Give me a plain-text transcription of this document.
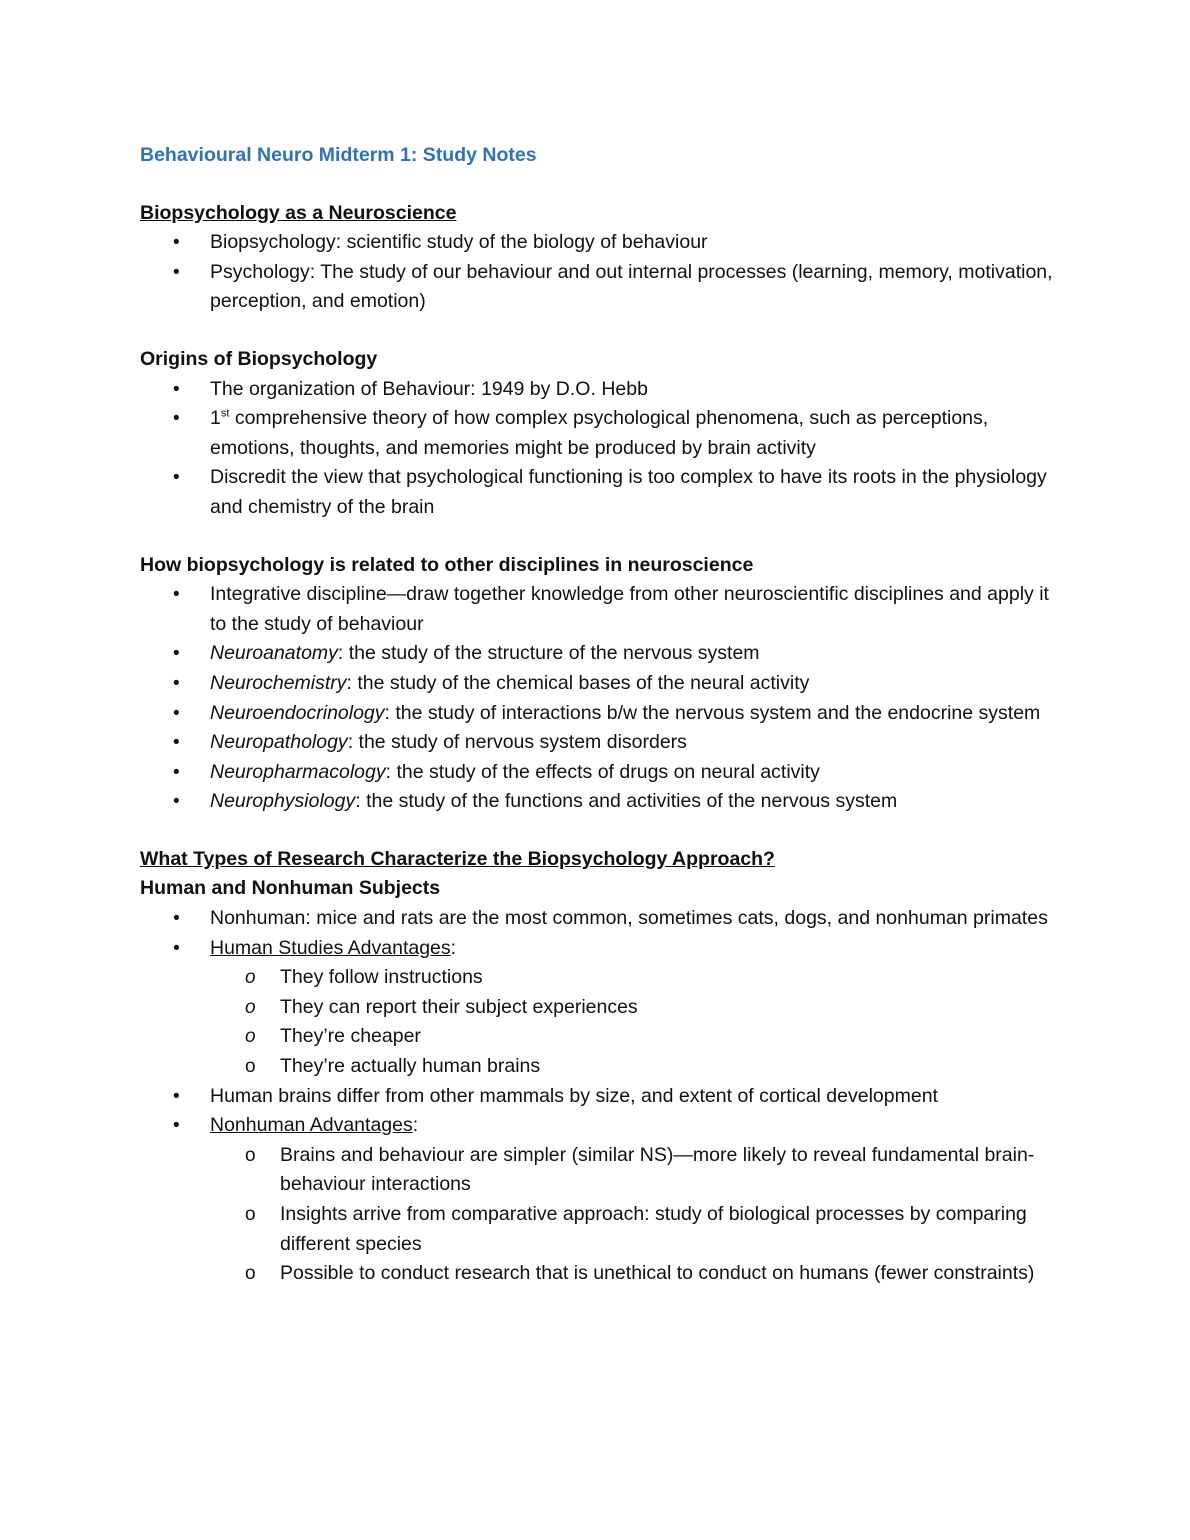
Behavioural Neuro Midterm 1: Study Notes
Biopsychology as a Neuroscience
• Biopsychology: scientific study of the biology of behaviour
• Psychology: The study of our behaviour and out internal processes (learning, memory, motivation, perception, and emotion)
Origins of Biopsychology
• The organization of Behaviour: 1949 by D.O. Hebb
• 1st comprehensive theory of how complex psychological phenomena, such as perceptions, emotions, thoughts, and memories might be produced by brain activity
• Discredit the view that psychological functioning is too complex to have its roots in the physiology and chemistry of the brain
How biopsychology is related to other disciplines in neuroscience
• Integrative discipline—draw together knowledge from other neuroscientific disciplines and apply it to the study of behaviour
• Neuroanatomy: the study of the structure of the nervous system
• Neurochemistry: the study of the chemical bases of the neural activity
• Neuroendocrinology: the study of interactions b/w the nervous system and the endocrine system
• Neuropathology: the study of nervous system disorders
• Neuropharmacology: the study of the effects of drugs on neural activity
• Neurophysiology: the study of the functions and activities of the nervous system
What Types of Research Characterize the Biopsychology Approach?
Human and Nonhuman Subjects
• Nonhuman: mice and rats are the most common, sometimes cats, dogs, and nonhuman primates
• Human Studies Advantages:
o They follow instructions
o They can report their subject experiences
o They’re cheaper
o They’re actually human brains
• Human brains differ from other mammals by size, and extent of cortical development
• Nonhuman Advantages:
o Brains and behaviour are simpler (similar NS)—more likely to reveal fundamental brain-behaviour interactions
o Insights arrive from comparative approach: study of biological processes by comparing different species
o Possible to conduct research that is unethical to conduct on humans (fewer constraints)
